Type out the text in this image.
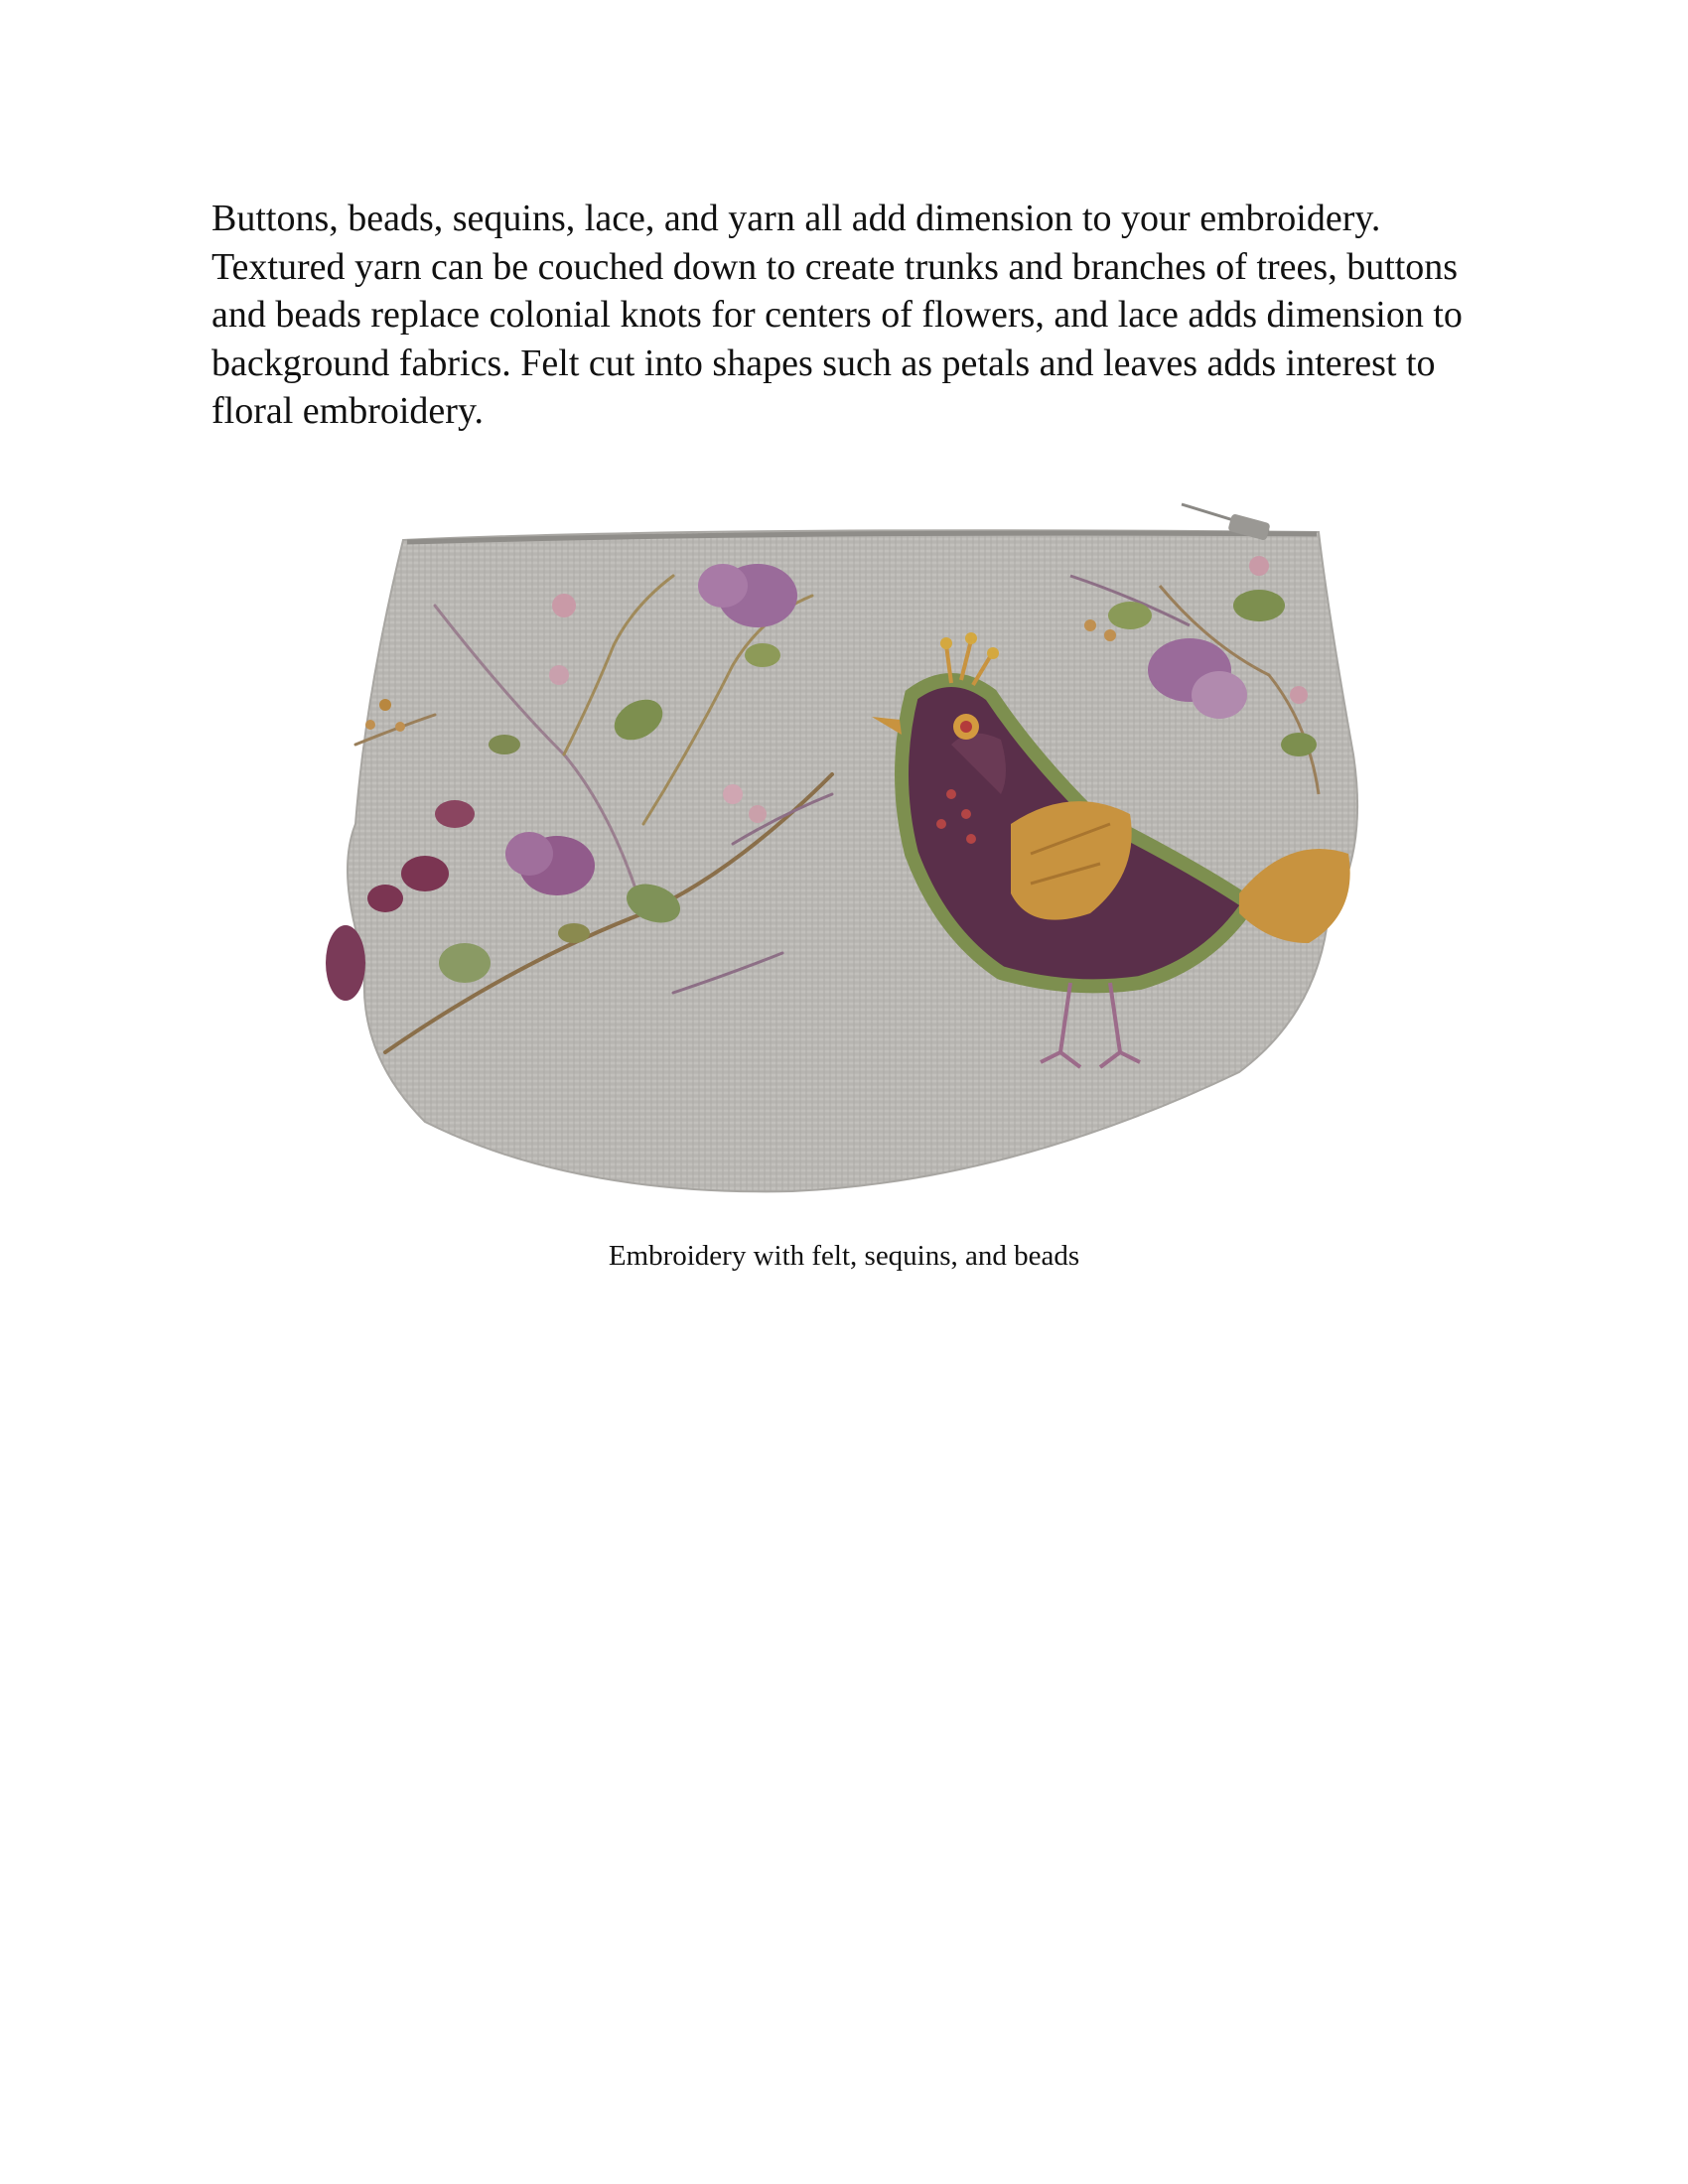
Buttons, beads, sequins, lace, and yarn all add dimension to your embroidery. Textured yarn can be couched down to create trunks and branches of trees, buttons and beads replace colonial knots for centers of flowers, and lace adds dimension to background fabrics. Felt cut into shapes such as petals and leaves adds interest to floral embroidery.

Embroidery with felt, sequins, and beads
